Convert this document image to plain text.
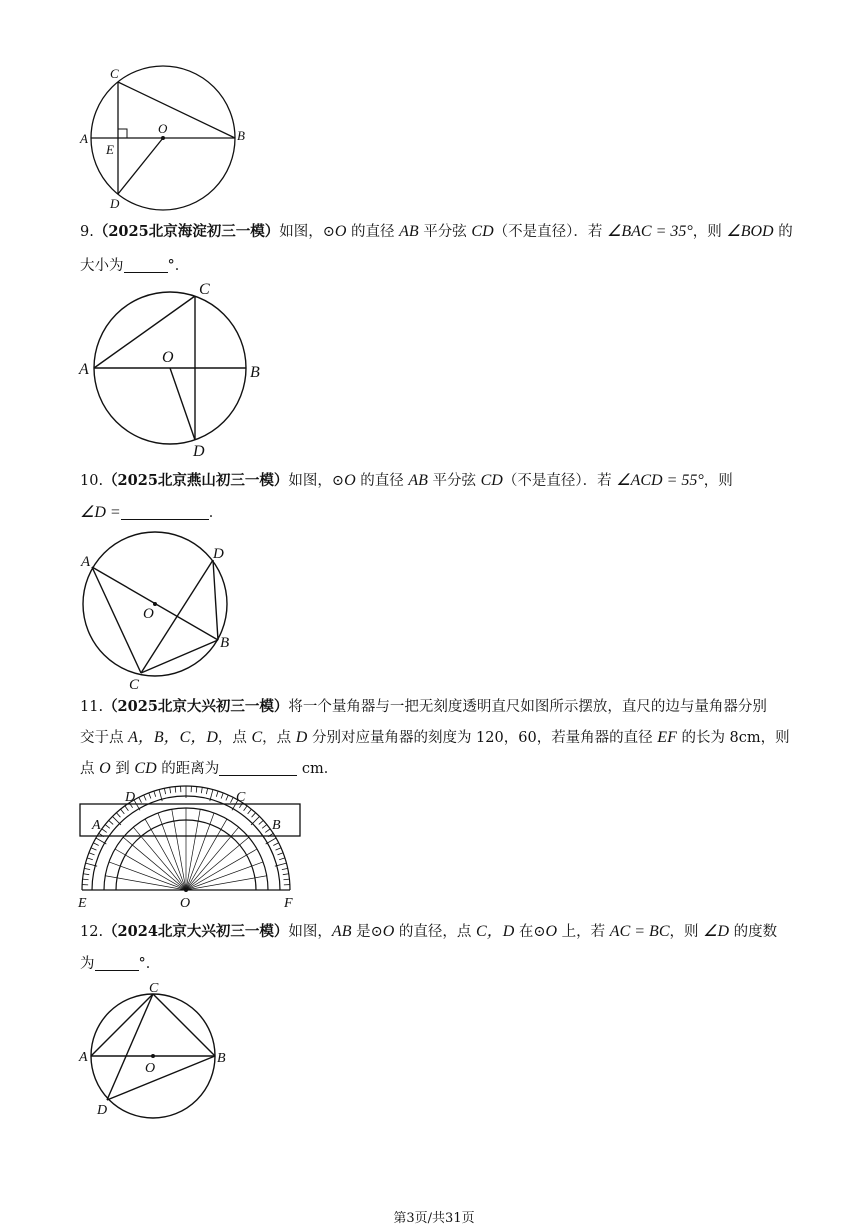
C
A
E
O	B
D
9.（2025北京海淀初三一模）如图，⊙O 的直径 AB 平分弦 CD（不是直径）．若 ∠BAC = 35°，则 ∠BOD 的
大小为	°．
C
A
O
B
D
10.（2025北京燕山初三一模）如图，⊙O 的直径 AB 平分弦 CD（不是直径）．若 ∠ACD = 55°，则
∠D =	．
A	D
O
B
C
11.（2025北京大兴初三一模）将一个量角器与一把无刻度透明直尺如图所示摆放，直尺的边与量角器分别
交于点 A，B，C，D，点 C，点 D 分别对应量角器的刻度为 120，60，若量角器的直径 EF 的长为 8cm，则
点 O 到 CD 的距离为	cm．
D	C
A	B
E	O	F
12.（2024北京大兴初三一模）如图，AB 是⊙O 的直径，点 C，D 在⊙O 上，若 AC = BC，则 ∠D 的度数
为	°．
C
A
O
B
D
第3页/共31页
